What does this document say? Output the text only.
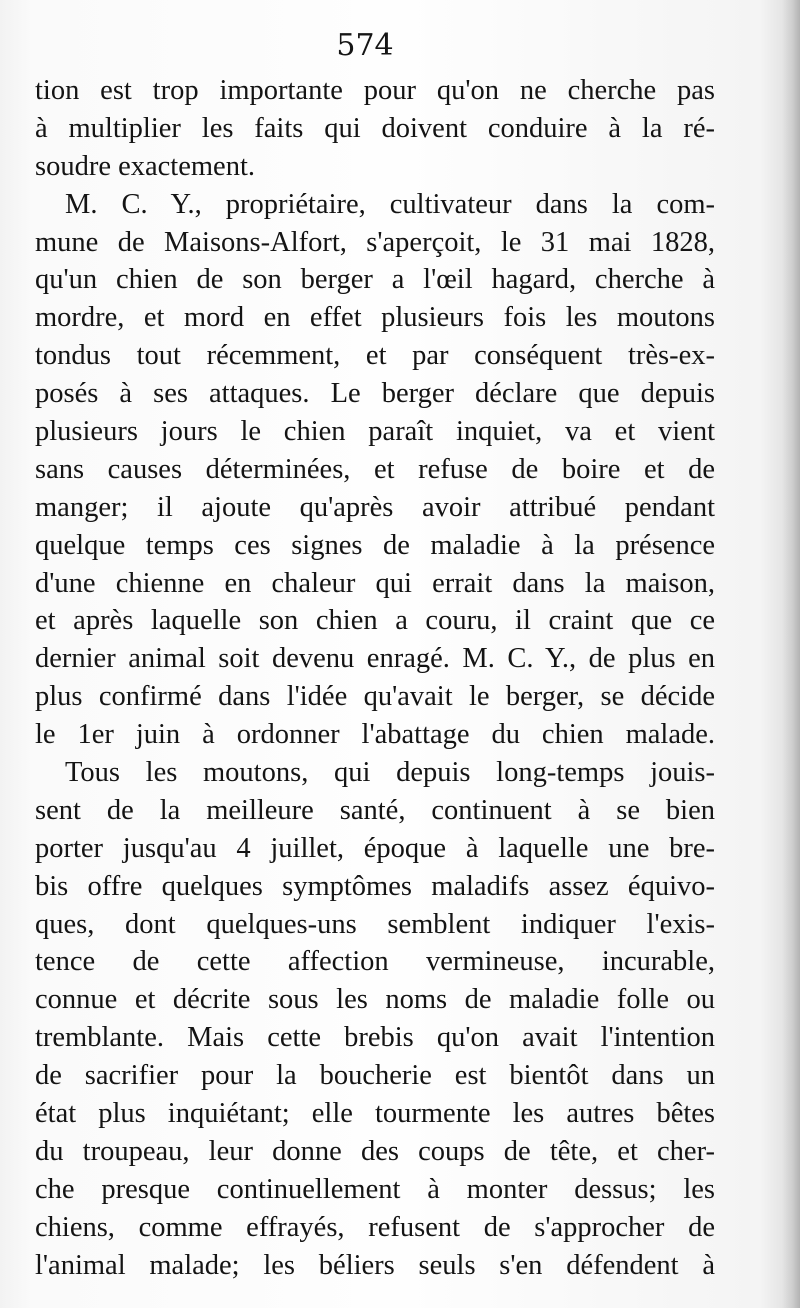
574
tion est trop importante pour qu'on ne cherche pas
à multiplier les faits qui doivent conduire à la ré-
soudre exactement.
M. C. Y., propriétaire, cultivateur dans la com-
mune de Maisons-Alfort, s'aperçoit, le 31 mai 1828,
qu'un chien de son berger a l'œil hagard, cherche à
mordre, et mord en effet plusieurs fois les moutons
tondus tout récemment, et par conséquent très-ex-
posés à ses attaques. Le berger déclare que depuis
plusieurs jours le chien paraît inquiet, va et vient
sans causes déterminées, et refuse de boire et de
manger; il ajoute qu'après avoir attribué pendant
quelque temps ces signes de maladie à la présence
d'une chienne en chaleur qui errait dans la maison,
et après laquelle son chien a couru, il craint que ce
dernier animal soit devenu enragé. M. C. Y., de plus en
plus confirmé dans l'idée qu'avait le berger, se décide
le 1er juin à ordonner l'abattage du chien malade.
Tous les moutons, qui depuis long-temps jouis-
sent de la meilleure santé, continuent à se bien
porter jusqu'au 4 juillet, époque à laquelle une bre-
bis offre quelques symptômes maladifs assez équivo-
ques, dont quelques-uns semblent indiquer l'exis-
tence de cette affection vermineuse, incurable,
connue et décrite sous les noms de maladie folle ou
tremblante. Mais cette brebis qu'on avait l'intention
de sacrifier pour la boucherie est bientôt dans un
état plus inquiétant; elle tourmente les autres bêtes
du troupeau, leur donne des coups de tête, et cher-
che presque continuellement à monter dessus; les
chiens, comme effrayés, refusent de s'approcher de
l'animal malade; les béliers seuls s'en défendent à
